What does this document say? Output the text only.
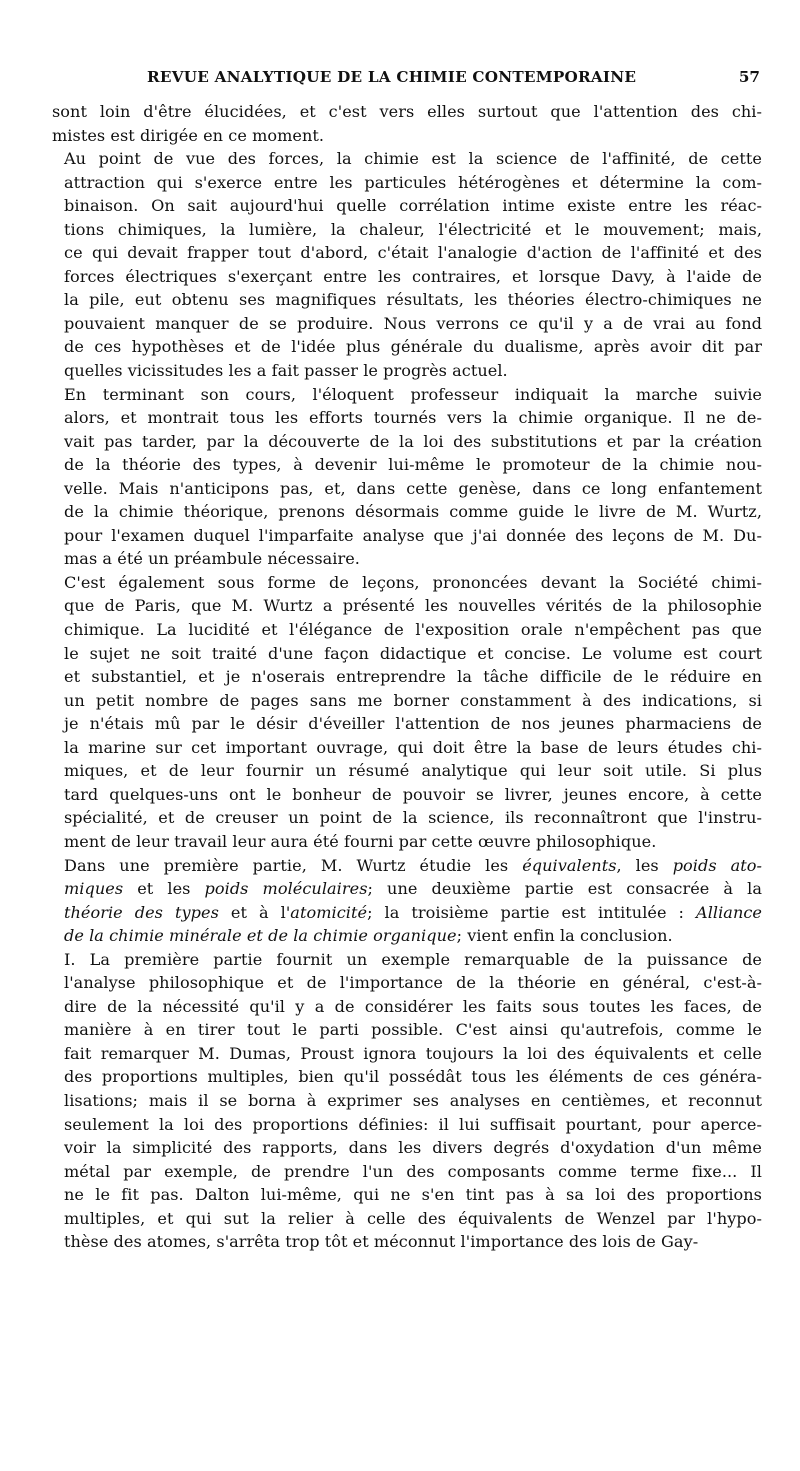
REVUE ANALYTIQUE DE LA CHIMIE CONTEMPORAINE	57
sont loin d'être élucidées, et c'est vers elles surtout que l'attention des chi-
mistes est dirigée en ce moment.
Au point de vue des forces, la chimie est la science de l'affinité, de cette
attraction qui s'exerce entre les particules hétérogènes et détermine la com-
binaison. On sait aujourd'hui quelle corrélation intime existe entre les réac-
tions chimiques, la lumière, la chaleur, l'électricité et le mouvement; mais,
ce qui devait frapper tout d'abord, c'était l'analogie d'action de l'affinité et des
forces électriques s'exerçant entre les contraires, et lorsque Davy, à l'aide de
la pile, eut obtenu ses magnifiques résultats, les théories électro-chimiques ne
pouvaient manquer de se produire. Nous verrons ce qu'il y a de vrai au fond
de ces hypothèses et de l'idée plus générale du dualisme, après avoir dit par
quelles vicissitudes les a fait passer le progrès actuel.
En terminant son cours, l'éloquent professeur indiquait la marche suivie
alors, et montrait tous les efforts tournés vers la chimie organique. Il ne de-
vait pas tarder, par la découverte de la loi des substitutions et par la création
de la théorie des types, à devenir lui-même le promoteur de la chimie nou-
velle. Mais n'anticipons pas, et, dans cette genèse, dans ce long enfantement
de la chimie théorique, prenons désormais comme guide le livre de M. Wurtz,
pour l'examen duquel l'imparfaite analyse que j'ai donnée des leçons de M. Du-
mas a été un préambule nécessaire.
C'est également sous forme de leçons, prononcées devant la Société chimi-
que de Paris, que M. Wurtz a présenté les nouvelles vérités de la philosophie
chimique. La lucidité et l'élégance de l'exposition orale n'empêchent pas que
le sujet ne soit traité d'une façon didactique et concise. Le volume est court
et substantiel, et je n'oserais entreprendre la tâche difficile de le réduire en
un petit nombre de pages sans me borner constamment à des indications, si
je n'étais mû par le désir d'éveiller l'attention de nos jeunes pharmaciens de
la marine sur cet important ouvrage, qui doit être la base de leurs études chi-
miques, et de leur fournir un résumé analytique qui leur soit utile. Si plus
tard quelques-uns ont le bonheur de pouvoir se livrer, jeunes encore, à cette
spécialité, et de creuser un point de la science, ils reconnaîtront que l'instru-
ment de leur travail leur aura été fourni par cette œuvre philosophique.
Dans une première partie, M. Wurtz étudie les équivalents, les poids ato-
miques et les poids moléculaires; une deuxième partie est consacrée à la
théorie des types et à l'atomicité; la troisième partie est intitulée : Alliance
de la chimie minérale et de la chimie organique; vient enfin la conclusion.
I. La première partie fournit un exemple remarquable de la puissance de
l'analyse philosophique et de l'importance de la théorie en général, c'est-à-
dire de la nécessité qu'il y a de considérer les faits sous toutes les faces, de
manière à en tirer tout le parti possible. C'est ainsi qu'autrefois, comme le
fait remarquer M. Dumas, Proust ignora toujours la loi des équivalents et celle
des proportions multiples, bien qu'il possédât tous les éléments de ces généra-
lisations; mais il se borna à exprimer ses analyses en centièmes, et reconnut
seulement la loi des proportions définies: il lui suffisait pourtant, pour aperce-
voir la simplicité des rapports, dans les divers degrés d'oxydation d'un même
métal par exemple, de prendre l'un des composants comme terme fixe... Il
ne le fit pas. Dalton lui-même, qui ne s'en tint pas à sa loi des proportions
multiples, et qui sut la relier à celle des équivalents de Wenzel par l'hypo-
thèse des atomes, s'arrêta trop tôt et méconnut l'importance des lois de Gay-
